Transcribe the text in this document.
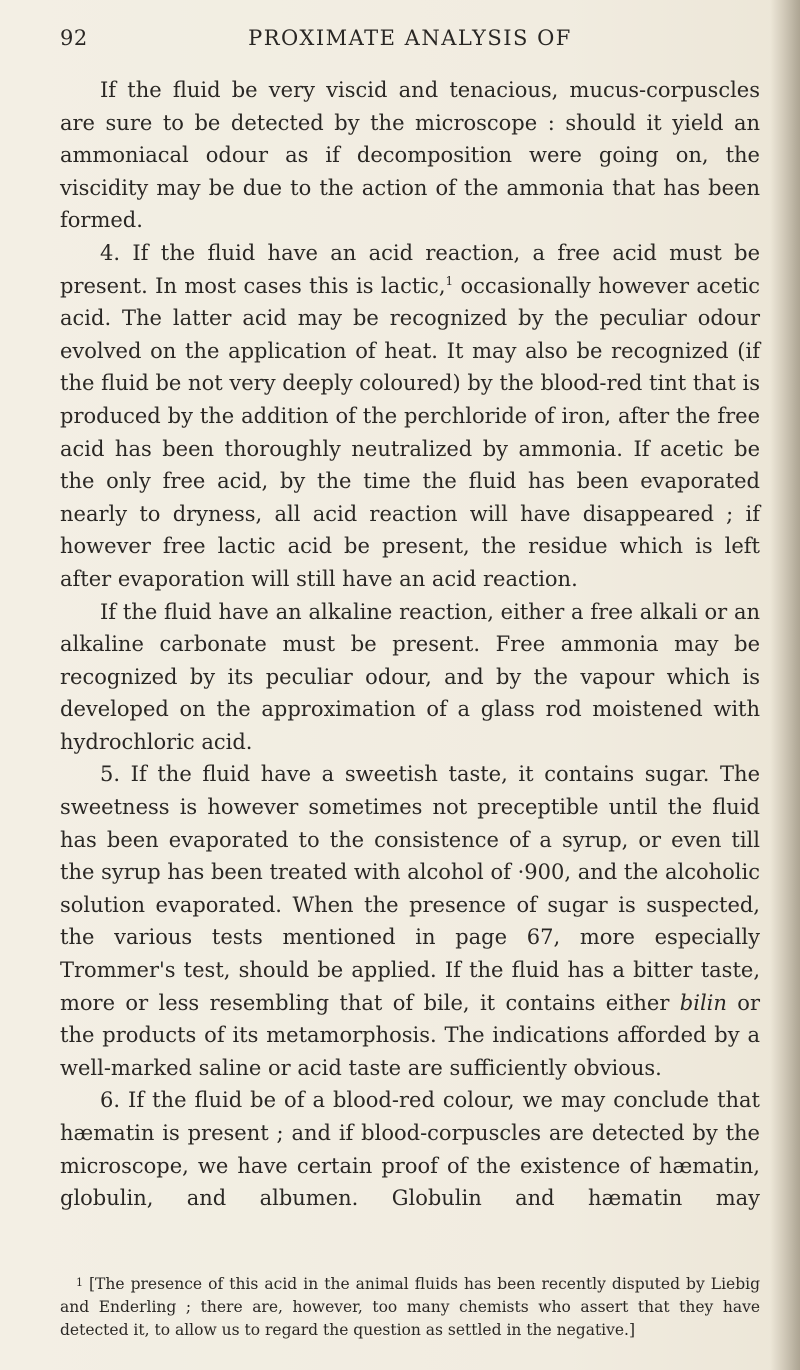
92	PROXIMATE ANALYSIS OF

If the fluid be very viscid and tenacious, mucus-corpuscles are sure to be detected by the microscope : should it yield an ammoniacal odour as if decomposition were going on, the viscidity may be due to the action of the ammonia that has been formed.

4. If the fluid have an acid reaction, a free acid must be present. In most cases this is lactic,$^1$ occasionally however acetic acid. The latter acid may be recognized by the peculiar odour evolved on the application of heat. It may also be recognized (if the fluid be not very deeply coloured) by the blood-red tint that is produced by the addition of the perchloride of iron, after the free acid has been thoroughly neutralized by ammonia. If acetic be the only free acid, by the time the fluid has been evaporated nearly to dryness, all acid reaction will have disappeared ; if however free lactic acid be present, the residue which is left after evaporation will still have an acid reaction.

If the fluid have an alkaline reaction, either a free alkali or an alkaline carbonate must be present. Free ammonia may be recognized by its peculiar odour, and by the vapour which is developed on the approximation of a glass rod moistened with hydrochloric acid.

5. If the fluid have a sweetish taste, it contains sugar. The sweetness is however sometimes not preceptible until the fluid has been evaporated to the consistence of a syrup, or even till the syrup has been treated with alcohol of ·900, and the alcoholic solution evaporated. When the presence of sugar is suspected, the various tests mentioned in page 67, more especially Trommer's test, should be applied. If the fluid has a bitter taste, more or less resembling that of bile, it contains either bilin or the products of its metamorphosis. The indications afforded by a well-marked saline or acid taste are sufficiently obvious.

6. If the fluid be of a blood-red colour, we may conclude that hæmatin is present ; and if blood-corpuscles are detected by the microscope, we have certain proof of the existence of hæmatin, globulin, and albumen. Globulin and hæmatin may

1 [The presence of this acid in the animal fluids has been recently disputed by Liebig and Enderling ; there are, however, too many chemists who assert that they have detected it, to allow us to regard the question as settled in the negative.]
